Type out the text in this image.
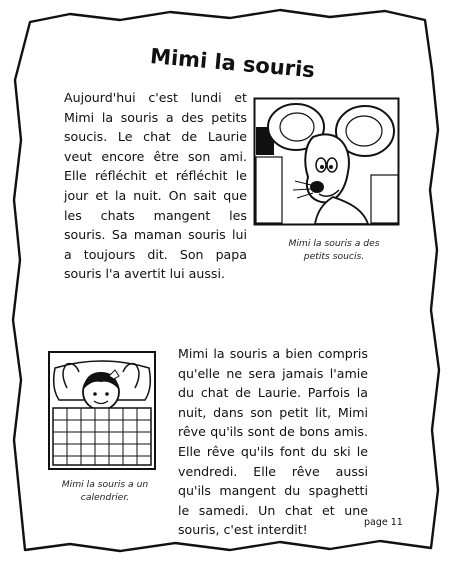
Mimi la souris

Aujourd'hui c'est lundi et Mimi la souris a des petits soucis. Le chat de Laurie veut encore être son ami. Elle réfléchit et réfléchit le jour et la nuit. On sait que les chats mangent les souris. Sa maman souris lui a toujours dit. Son papa souris l'a avertit lui aussi.

Mimi la souris a des petits soucis.
Mimi la souris a un calendrier.

Mimi la souris a bien compris qu'elle ne sera jamais l'amie du chat de Laurie. Parfois la nuit, dans son petit lit, Mimi rêve qu'ils sont de bons amis. Elle rêve qu'ils font du ski le vendredi. Elle rêve aussi qu'ils mangent du spaghetti le samedi. Un chat et une souris, c'est interdit!	page 11
